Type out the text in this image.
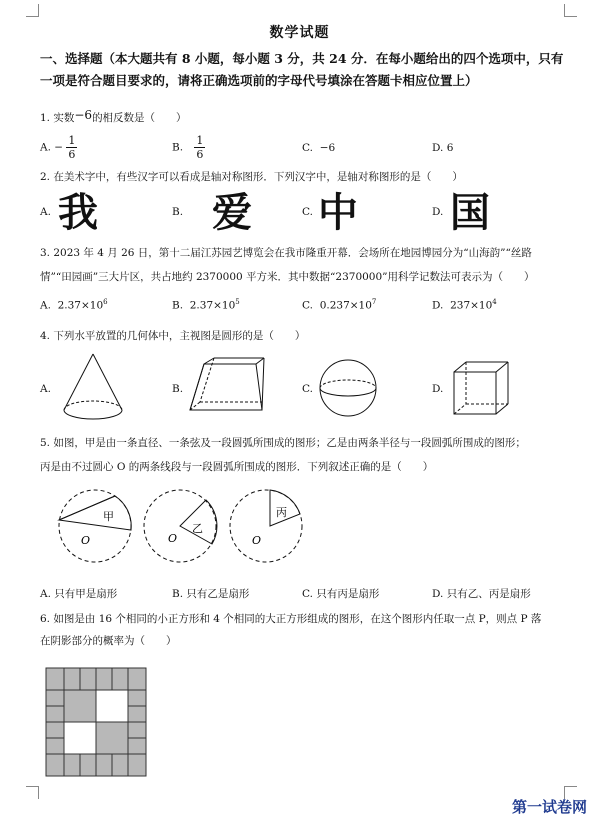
数学试题
一、选择题（本大题共有 8 小题，每小题 3 分，共 24 分．在每小题给出的四个选项中，只有
一项是符合题目要求的，请将正确选项前的字母代号填涂在答题卡相应位置上）
1. 实数−6的相反数是（　　）
A. − $\frac{1}{6}$	B. $\frac{1}{6}$	C. −6	D. 6
2. 在美术字中，有些汉字可以看成是轴对称图形．下列汉字中，是轴对称图形的是（　　）
A. 我	B. 爱	C. 中	D. 国
3. 2023 年 4 月 26 日，第十二届江苏园艺博览会在我市隆重开幕．会场所在地园博园分为“山海韵”“丝路
情”“田园画”三大片区，共占地约 2370000 平方米．其中数据“2370000”用科学记数法可表示为（　　）
A. $2.37\times 10^6$	B. $2.37\times 10^5$	C. $0.237\times 10^7$	D. $237\times 10^4$
4. 下列水平放置的几何体中，主视图是圆形的是（　　）
A.	B.	C.	D.
5. 如图，甲是由一条直径、一条弦及一段圆弧所围成的图形；乙是由两条半径与一段圆弧所围成的图形；
丙是由不过圆心 O 的两条线段与一段圆弧所围成的图形．下列叙述正确的是（　　）
甲
O
乙
O
丙
O
A. 只有甲是扇形	B. 只有乙是扇形	C. 只有丙是扇形	D. 只有乙、丙是扇形
6. 如图是由 16 个相同的小正方形和 4 个相同的大正方形组成的图形，在这个图形内任取一点 P，则点 P 落
在阴影部分的概率为（　　）
第一试卷网
